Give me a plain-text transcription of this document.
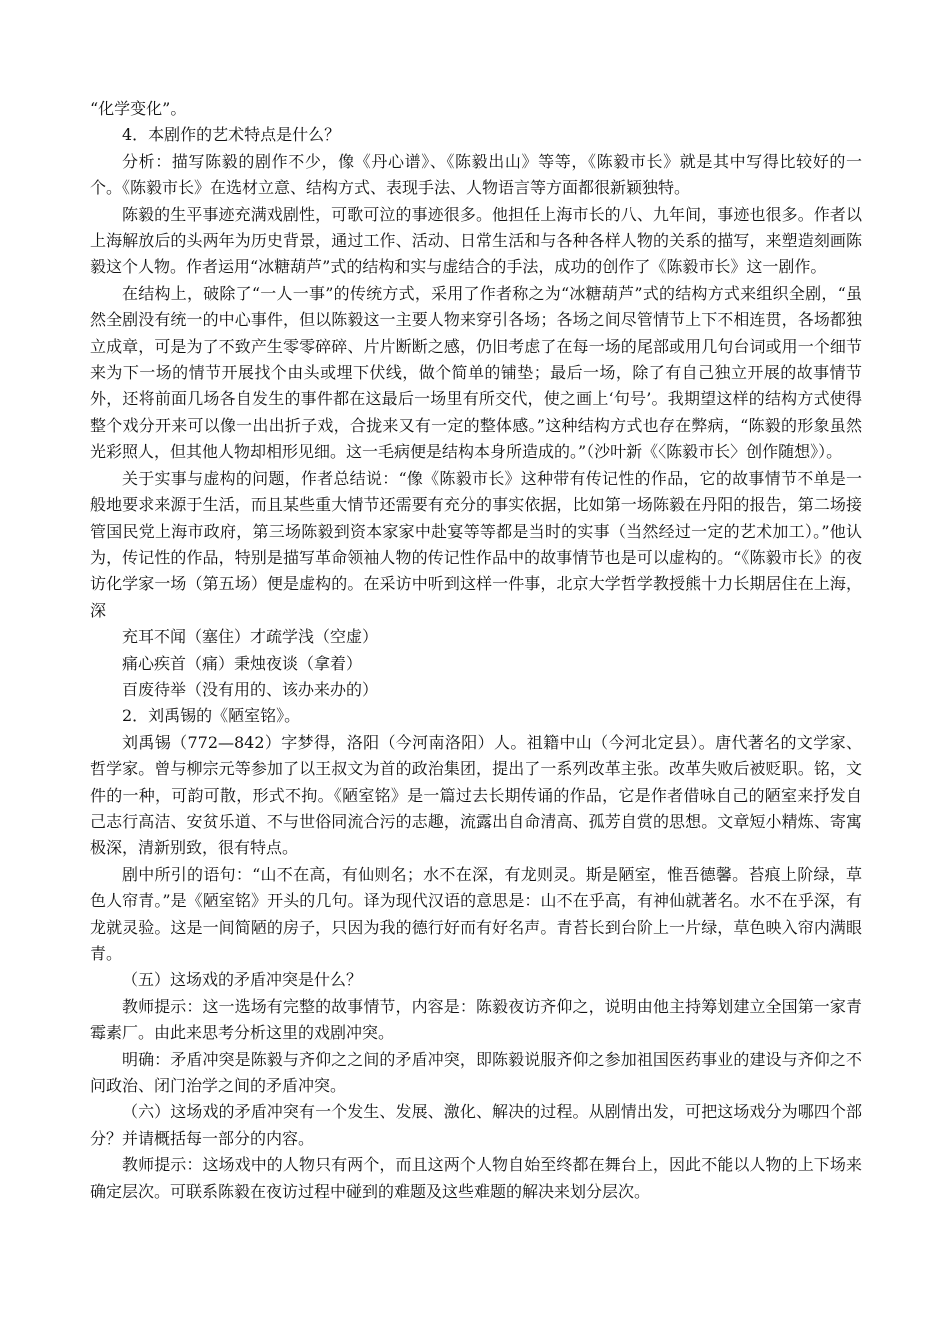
“化学变化”。

4．本剧作的艺术特点是什么？

分析：描写陈毅的剧作不少，像《丹心谱》、《陈毅出山》等等，《陈毅市长》就是其中写得比较好的一个。《陈毅市长》在选材立意、结构方式、表现手法、人物语言等方面都很新颖独特。

陈毅的生平事迹充满戏剧性，可歌可泣的事迹很多。他担任上海市长的八、九年间，事迹也很多。作者以上海解放后的头两年为历史背景，通过工作、活动、日常生活和与各种各样人物的关系的描写，来塑造刻画陈毅这个人物。作者运用“冰糖葫芦”式的结构和实与虚结合的手法，成功的创作了《陈毅市长》这一剧作。

在结构上，破除了“一人一事”的传统方式，采用了作者称之为“冰糖葫芦”式的结构方式来组织全剧，“虽然全剧没有统一的中心事件，但以陈毅这一主要人物来穿引各场；各场之间尽管情节上下不相连贯，各场都独立成章，可是为了不致产生零零碎碎、片片断断之感，仍旧考虑了在每一场的尾部或用几句台词或用一个细节来为下一场的情节开展找个由头或埋下伏线，做个简单的铺垫；最后一场，除了有自己独立开展的故事情节外，还将前面几场各自发生的事件都在这最后一场里有所交代，使之画上‘句号’。我期望这样的结构方式使得整个戏分开来可以像一出出折子戏，合拢来又有一定的整体感。”这种结构方式也存在弊病，“陈毅的形象虽然光彩照人，但其他人物却相形见细。这一毛病便是结构本身所造成的。”（沙叶新《〈陈毅市长〉创作随想》）。

关于实事与虚构的问题，作者总结说：“像《陈毅市长》这种带有传记性的作品，它的故事情节不单是一般地要求来源于生活，而且某些重大情节还需要有充分的事实依据，比如第一场陈毅在丹阳的报告，第二场接管国民党上海市政府，第三场陈毅到资本家家中赴宴等等都是当时的实事（当然经过一定的艺术加工）。”他认为，传记性的作品，特别是描写革命领袖人物的传记性作品中的故事情节也是可以虚构的。“《陈毅市长》的夜访化学家一场（第五场）便是虚构的。在采访中听到这样一件事，北京大学哲学教授熊十力长期居住在上海，深

充耳不闻（塞住）才疏学浅（空虚）

痛心疾首（痛）秉烛夜谈（拿着）

百废待举（没有用的、该办来办的）

2．刘禹锡的《陋室铭》。

刘禹锡（772—842）字梦得，洛阳（今河南洛阳）人。祖籍中山（今河北定县）。唐代著名的文学家、哲学家。曾与柳宗元等参加了以王叔文为首的政治集团，提出了一系列改革主张。改革失败后被贬职。铭，文件的一种，可韵可散，形式不拘。《陋室铭》是一篇过去长期传诵的作品，它是作者借咏自己的陋室来抒发自己志行高洁、安贫乐道、不与世俗同流合污的志趣，流露出自命清高、孤芳自赏的思想。文章短小精炼、寄寓极深，清新别致，很有特点。

剧中所引的语句：“山不在高，有仙则名；水不在深，有龙则灵。斯是陋室，惟吾德馨。苔痕上阶绿，草色人帘青。”是《陋室铭》开头的几句。译为现代汉语的意思是：山不在乎高，有神仙就著名。水不在乎深，有龙就灵验。这是一间简陋的房子，只因为我的德行好而有好名声。青苔长到台阶上一片绿，草色映入帘内满眼青。

（五）这场戏的矛盾冲突是什么？

教师提示：这一选场有完整的故事情节，内容是：陈毅夜访齐仰之，说明由他主持筹划建立全国第一家青霉素厂。由此来思考分析这里的戏剧冲突。

明确：矛盾冲突是陈毅与齐仰之之间的矛盾冲突，即陈毅说服齐仰之参加祖国医药事业的建设与齐仰之不问政治、闭门治学之间的矛盾冲突。

（六）这场戏的矛盾冲突有一个发生、发展、激化、解决的过程。从剧情出发，可把这场戏分为哪四个部分？并请概括每一部分的内容。

教师提示：这场戏中的人物只有两个，而且这两个人物自始至终都在舞台上，因此不能以人物的上下场来确定层次。可联系陈毅在夜访过程中碰到的难题及这些难题的解决来划分层次。
